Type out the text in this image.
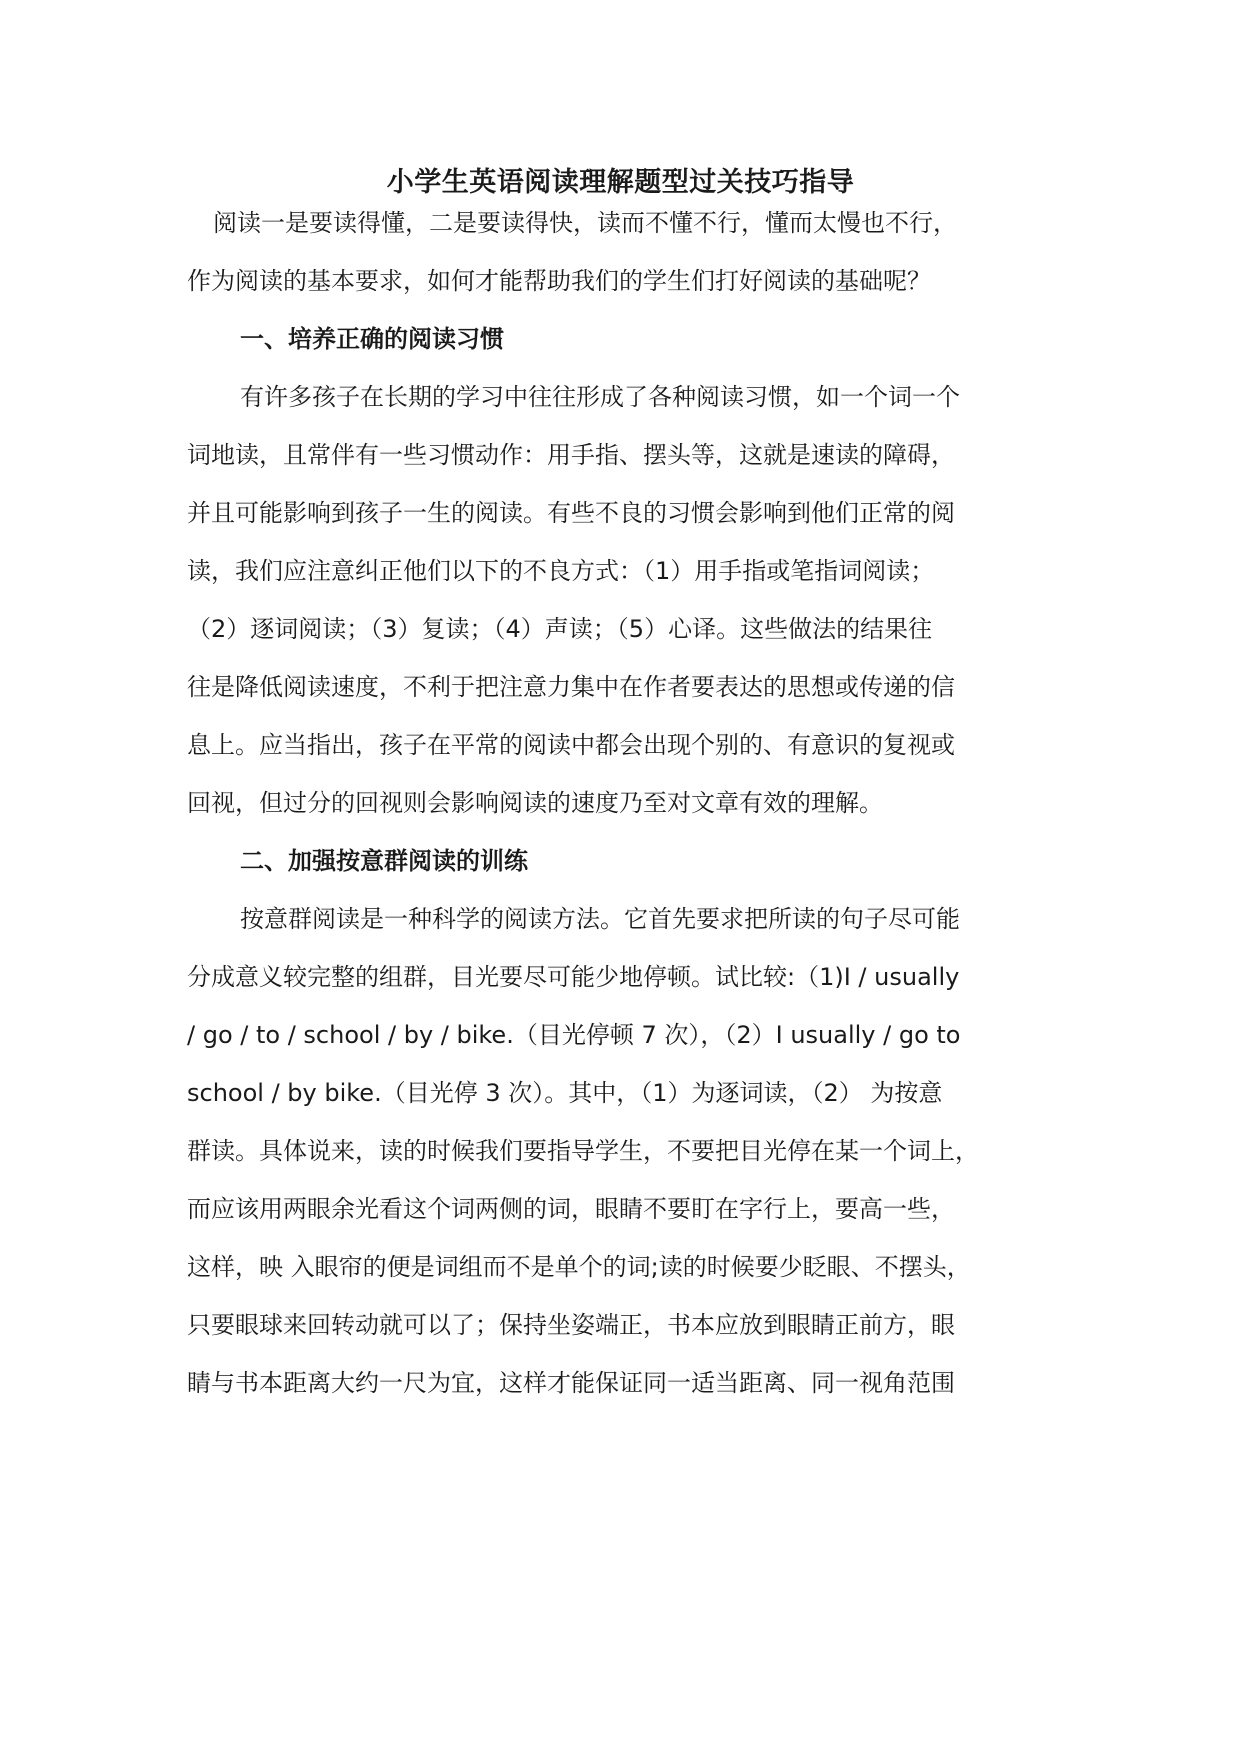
小学生英语阅读理解题型过关技巧指导

阅读一是要读得懂，二是要读得快，读而不懂不行，懂而太慢也不行，

作为阅读的基本要求，如何才能帮助我们的学生们打好阅读的基础呢？

一、培养正确的阅读习惯

有许多孩子在长期的学习中往往形成了各种阅读习惯，如一个词一个

词地读，且常伴有一些习惯动作：用手指、摆头等，这就是速读的障碍，

并且可能影响到孩子一生的阅读。有些不良的习惯会影响到他们正常的阅

读，我们应注意纠正他们以下的不良方式：（1）用手指或笔指词阅读；

（2）逐词阅读；（3）复读；（4）声读；（5）心译。这些做法的结果往

往是降低阅读速度，不利于把注意力集中在作者要表达的思想或传递的信

息上。应当指出，孩子在平常的阅读中都会出现个别的、有意识的复视或

回视，但过分的回视则会影响阅读的速度乃至对文章有效的理解。

二、加强按意群阅读的训练

按意群阅读是一种科学的阅读方法。它首先要求把所读的句子尽可能

分成意义较完整的组群，目光要尽可能少地停顿。试比较:（1)I / usually

/ go / to / school / by / bike.（目光停顿 7 次），（2）I usually / go to

school / by bike.（目光停 3 次）。其中，（1）为逐词读，（2） 为按意

群读。具体说来，读的时候我们要指导学生，不要把目光停在某一个词上，

而应该用两眼余光看这个词两侧的词，眼睛不要盯在字行上，要高一些，

这样，映 入眼帘的便是词组而不是单个的词;读的时候要少眨眼、不摆头，

只要眼球来回转动就可以了；保持坐姿端正，书本应放到眼睛正前方，眼

睛与书本距离大约一尺为宜，这样才能保证同一适当距离、同一视角范围
